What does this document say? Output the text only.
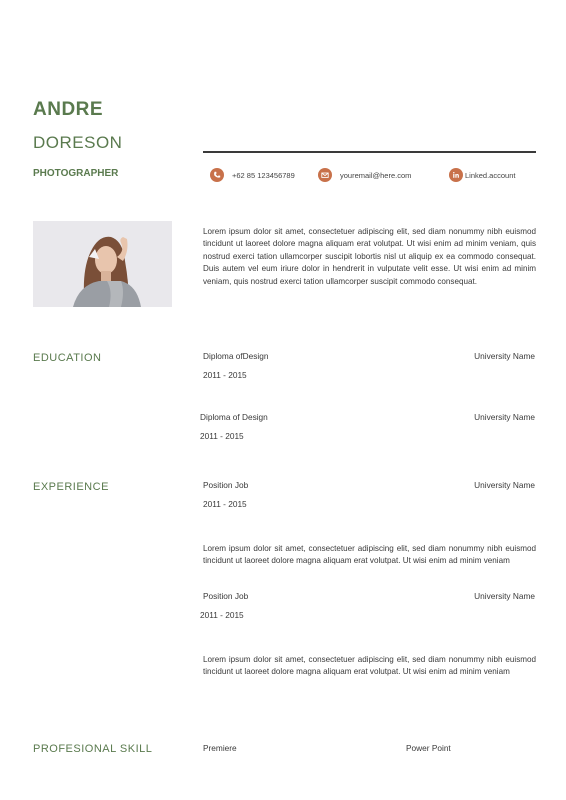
ANDRE
DORESON
PHOTOGRAPHER	+62 85 123456789	youremail@here.com	Linked.account
Lorem ipsum dolor sit amet, consectetuer adipiscing elit, sed diam nonummy nibh euismod tincidunt ut laoreet dolore magna aliquam erat volutpat. Ut wisi enim ad minim veniam, quis nostrud exerci tation ullamcorper suscipit lobortis nisl ut aliquip ex ea commodo consequat. Duis autem vel eum iriure dolor in hendrerit in vulputate velit esse. Ut wisi enim ad minim veniam, quis nostrud exerci tation ullamcorper suscipit commodo consequat.
EDUCATION	Diploma ofDesign	University Name
2011 - 2015
Diploma of Design	University Name
2011 - 2015
EXPERIENCE	Position Job	University Name
2011 - 2015
Lorem ipsum dolor sit amet, consectetuer adipiscing elit, sed diam nonummy nibh euismod tincidunt ut laoreet dolore magna aliquam erat volutpat. Ut wisi enim ad minim veniam
Position Job	University Name
2011 - 2015
Lorem ipsum dolor sit amet, consectetuer adipiscing elit, sed diam nonummy nibh euismod tincidunt ut laoreet dolore magna aliquam erat volutpat. Ut wisi enim ad minim veniam
PROFESIONAL SKILL	Premiere	Power Point
